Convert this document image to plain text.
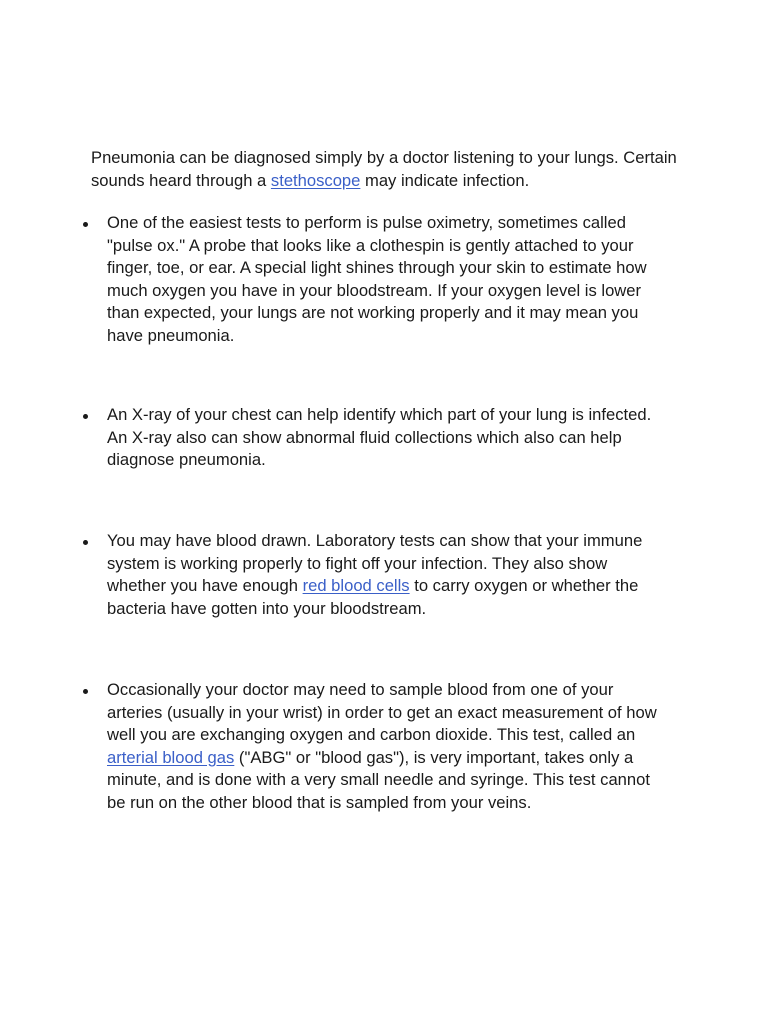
Pneumonia can be diagnosed simply by a doctor listening to your lungs. Certain sounds heard through a stethoscope may indicate infection.

One of the easiest tests to perform is pulse oximetry, sometimes called "pulse ox." A probe that looks like a clothespin is gently attached to your finger, toe, or ear. A special light shines through your skin to estimate how much oxygen you have in your bloodstream. If your oxygen level is lower than expected, your lungs are not working properly and it may mean you have pneumonia.

An X-ray of your chest can help identify which part of your lung is infected. An X-ray also can show abnormal fluid collections which also can help diagnose pneumonia.

You may have blood drawn. Laboratory tests can show that your immune system is working properly to fight off your infection. They also show whether you have enough red blood cells to carry oxygen or whether the bacteria have gotten into your bloodstream.

Occasionally your doctor may need to sample blood from one of your arteries (usually in your wrist) in order to get an exact measurement of how well you are exchanging oxygen and carbon dioxide. This test, called an arterial blood gas ("ABG" or "blood gas"), is very important, takes only a minute, and is done with a very small needle and syringe. This test cannot be run on the other blood that is sampled from your veins.
